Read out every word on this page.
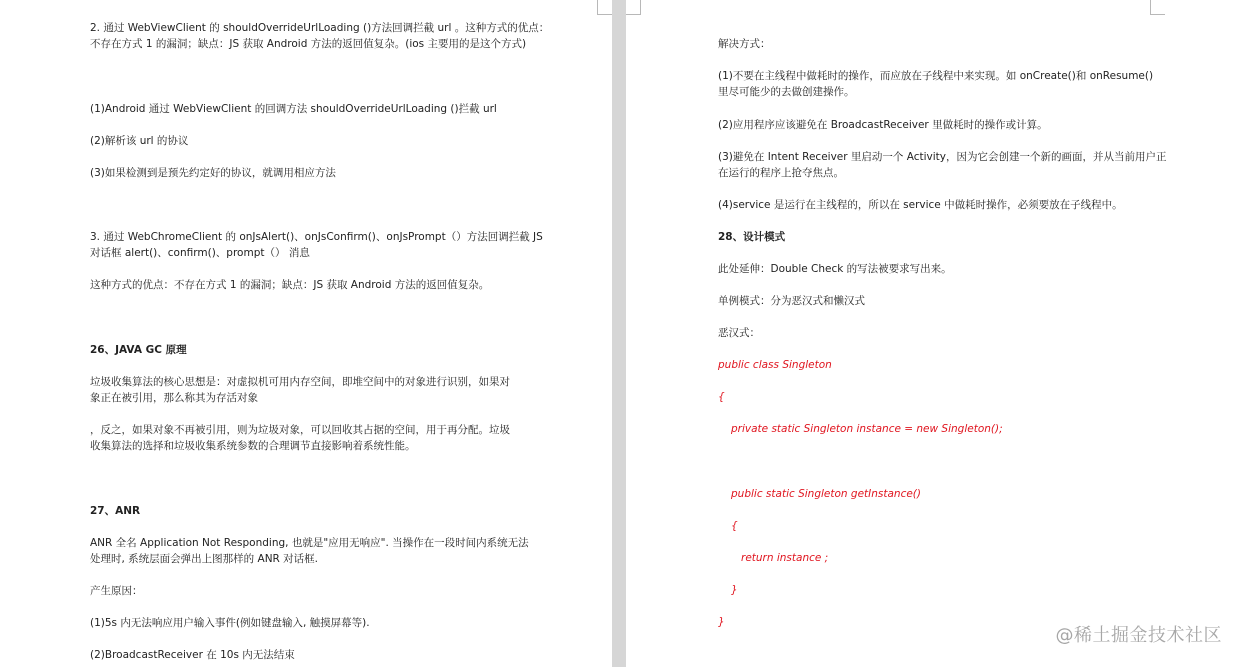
2. 通过 WebViewClient 的 shouldOverrideUrlLoading ()方法回调拦截 url 。这种方式的优点：
不存在方式 1 的漏洞；缺点：JS 获取 Android 方法的返回值复杂。(ios 主要用的是这个方式)
(1)Android 通过 WebViewClient 的回调方法 shouldOverrideUrlLoading ()拦截 url
(2)解析该 url 的协议
(3)如果检测到是预先约定好的协议，就调用相应方法
3. 通过 WebChromeClient 的 onJsAlert()、onJsConfirm()、onJsPrompt（）方法回调拦截 JS
对话框 alert()、confirm()、prompt（） 消息
这种方式的优点：不存在方式 1 的漏洞；缺点：JS 获取 Android 方法的返回值复杂。
26、JAVA GC 原理
垃圾收集算法的核心思想是：对虚拟机可用内存空间，即堆空间中的对象进行识别，如果对
象正在被引用，那么称其为存活对象
，反之，如果对象不再被引用，则为垃圾对象，可以回收其占据的空间，用于再分配。垃圾
收集算法的选择和垃圾收集系统参数的合理调节直接影响着系统性能。
27、ANR
ANR 全名 Application Not Responding, 也就是"应用无响应". 当操作在一段时间内系统无法
处理时, 系统层面会弹出上图那样的 ANR 对话框.
产生原因：
(1)5s 内无法响应用户输入事件(例如键盘输入, 触摸屏幕等).
(2)BroadcastReceiver 在 10s 内无法结束
解决方式：
(1)不要在主线程中做耗时的操作，而应放在子线程中来实现。如 onCreate()和 onResume()
里尽可能少的去做创建操作。
(2)应用程序应该避免在 BroadcastReceiver 里做耗时的操作或计算。
(3)避免在 Intent Receiver 里启动一个 Activity，因为它会创建一个新的画面，并从当前用户正
在运行的程序上抢夺焦点。
(4)service 是运行在主线程的，所以在 service 中做耗时操作，必须要放在子线程中。
28、设计模式
此处延伸：Double Check 的写法被要求写出来。
单例模式：分为恶汉式和懒汉式
恶汉式：
public class Singleton
{
private static Singleton instance = new Singleton();
public static Singleton getInstance()
{
return instance ;
}
}
@稀土掘金技术社区
